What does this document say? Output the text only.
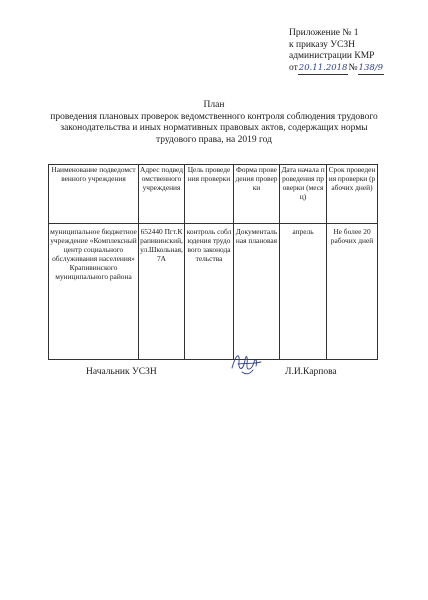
Приложение № 1
к приказу УСЗН
администрации КМР
от20.11.2018№138/9
План
проведения плановых проверок ведомственного контроля соблюдения трудового
законодательства и иных нормативных правовых актов, содержащих нормы
трудового права, на 2019 год
Наименование подведомственного учреждения	Адрес подведомственного учреждения	Цель проведения проверки	Форма проведения проверки	Дата начала проведения проверки (месяц)	Срок проведения проверки (рабочих дней)
муниципальное бюджетное учреждение «Комплексный центр социального обслуживания населения» Крапивинского муниципального района	652440 Пгт.Крапивинский, ул.Школьная, 7А	контроль соблюдения трудового законодательства	Документальная плановая	апрель	Не более 20 рабочих дней
Начальник УСЗН	Л.И.Карпова
